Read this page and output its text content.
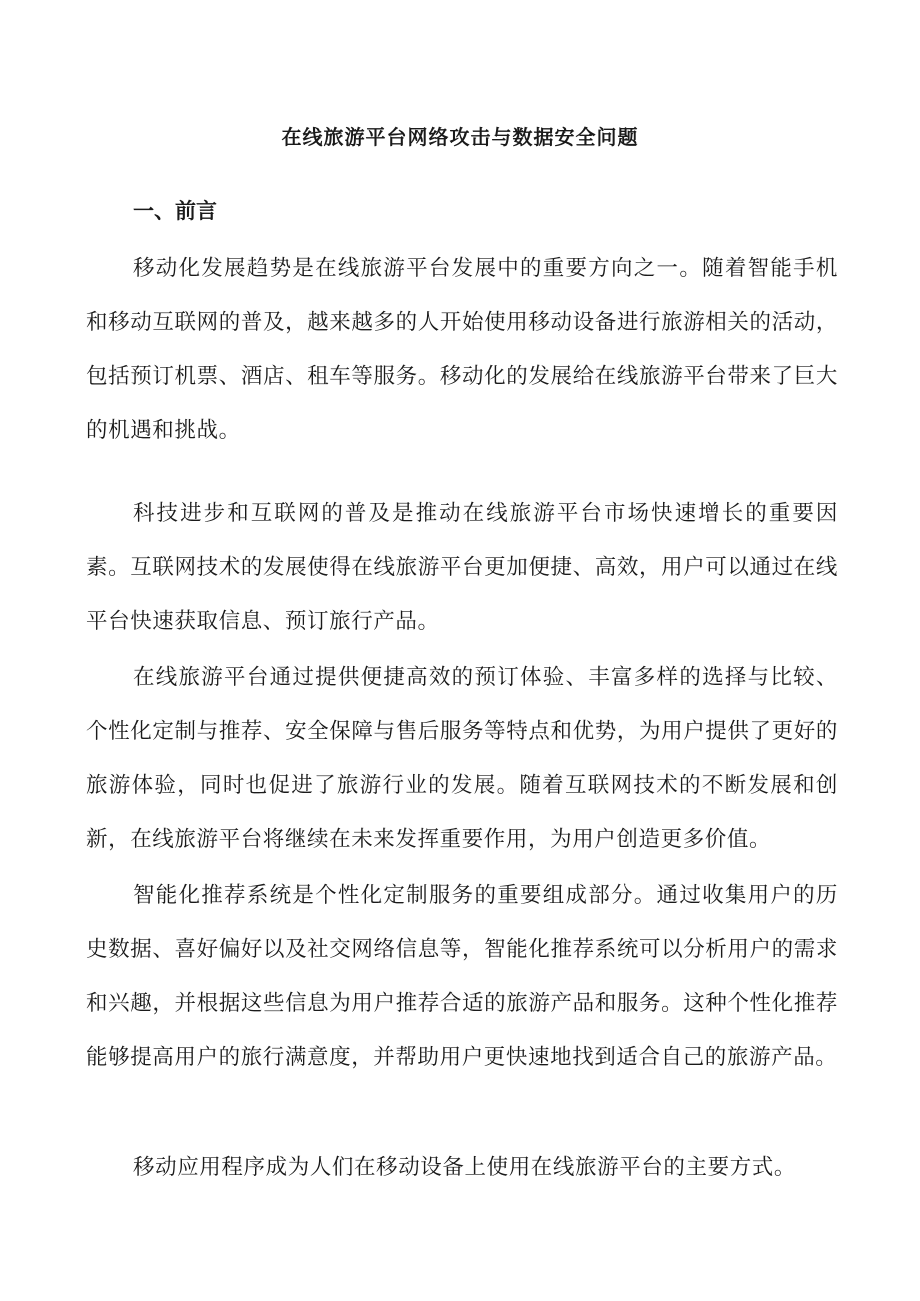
在线旅游平台网络攻击与数据安全问题
一、前言

移动化发展趋势是在线旅游平台发展中的重要方向之一。随着智能手机和移动互联网的普及，越来越多的人开始使用移动设备进行旅游相关的活动，包括预订机票、酒店、租车等服务。移动化的发展给在线旅游平台带来了巨大的机遇和挑战。

科技进步和互联网的普及是推动在线旅游平台市场快速增长的重要因素。互联网技术的发展使得在线旅游平台更加便捷、高效，用户可以通过在线平台快速获取信息、预订旅行产品。

在线旅游平台通过提供便捷高效的预订体验、丰富多样的选择与比较、个性化定制与推荐、安全保障与售后服务等特点和优势，为用户提供了更好的旅游体验，同时也促进了旅游行业的发展。随着互联网技术的不断发展和创新，在线旅游平台将继续在未来发挥重要作用，为用户创造更多价值。

智能化推荐系统是个性化定制服务的重要组成部分。通过收集用户的历史数据、喜好偏好以及社交网络信息等，智能化推荐系统可以分析用户的需求和兴趣，并根据这些信息为用户推荐合适的旅游产品和服务。这种个性化推荐能够提高用户的旅行满意度，并帮助用户更快速地找到适合自己的旅游产品。

移动应用程序成为人们在移动设备上使用在线旅游平台的主要方式。
